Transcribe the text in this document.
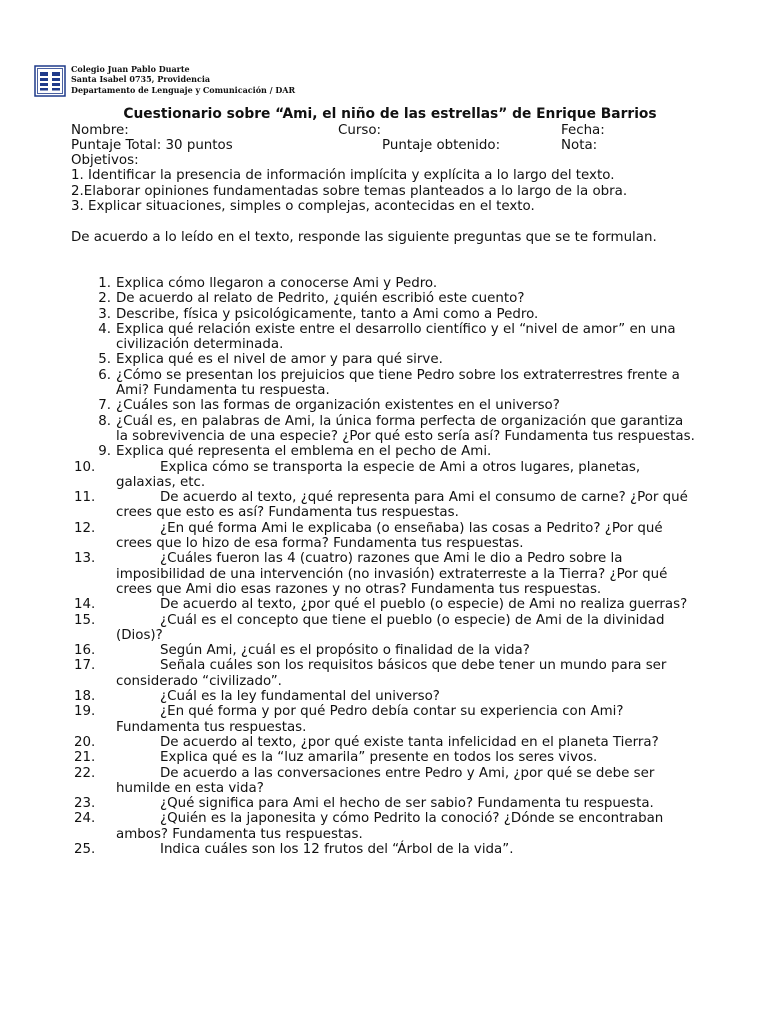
Colegio Juan Pablo Duarte
Santa Isabel 0735, Providencia
Departamento de Lenguaje y Comunicación / DAR
Cuestionario sobre “Ami, el niño de las estrellas” de Enrique Barrios
Nombre:	Curso:	Fecha:
Puntaje Total: 30 puntos	Puntaje obtenido:	Nota:
Objetivos:
1. Identificar la presencia de información implícita y explícita a lo largo del texto.
2.Elaborar opiniones fundamentadas sobre temas planteados a lo largo de la obra.
3. Explicar situaciones, simples o complejas, acontecidas en el texto.
De acuerdo a lo leído en el texto, responde las siguiente preguntas que se te formulan.
1. Explica cómo llegaron a conocerse Ami y Pedro.
2. De acuerdo al relato de Pedrito, ¿quién escribió este cuento?
3. Describe, física y psicológicamente, tanto a Ami como a Pedro.
4. Explica qué relación existe entre el desarrollo científico y el “nivel de amor” en una civilización determinada.
5. Explica qué es el nivel de amor y para qué sirve.
6. ¿Cómo se presentan los prejuicios que tiene Pedro sobre los extraterrestres frente a Ami? Fundamenta tu respuesta.
7. ¿Cuáles son las formas de organización existentes en el universo?
8. ¿Cuál es, en palabras de Ami, la única forma perfecta de organización que garantiza la sobrevivencia de una especie? ¿Por qué esto sería así? Fundamenta tus respuestas.
9. Explica qué representa el emblema en el pecho de Ami.
10.	Explica cómo se transporta la especie de Ami a otros lugares, planetas, galaxias, etc.
11.	De acuerdo al texto, ¿qué representa para Ami el consumo de carne? ¿Por qué crees que esto es así? Fundamenta tus respuestas.
12.	¿En qué forma Ami le explicaba (o enseñaba) las cosas a Pedrito? ¿Por qué crees que lo hizo de esa forma? Fundamenta tus respuestas.
13.	¿Cuáles fueron las 4 (cuatro) razones que Ami le dio a Pedro sobre la imposibilidad de una intervención (no invasión) extraterreste a la Tierra? ¿Por qué crees que Ami dio esas razones y no otras? Fundamenta tus respuestas.
14.	De acuerdo al texto, ¿por qué el pueblo (o especie) de Ami no realiza guerras?
15.	¿Cuál es el concepto que tiene el pueblo (o especie) de Ami de la divinidad (Dios)?
16.	Según Ami, ¿cuál es el propósito o finalidad de la vida?
17.	Señala cuáles son los requisitos básicos que debe tener un mundo para ser considerado “civilizado”.
18.	¿Cuál es la ley fundamental del universo?
19.	¿En qué forma y por qué Pedro debía contar su experiencia con Ami? Fundamenta tus respuestas.
20.	De acuerdo al texto, ¿por qué existe tanta infelicidad en el planeta Tierra?
21.	Explica qué es la “luz amarila” presente en todos los seres vivos.
22.	De acuerdo a las conversaciones entre Pedro y Ami, ¿por qué se debe ser humilde en esta vida?
23.	¿Qué significa para Ami el hecho de ser sabio? Fundamenta tu respuesta.
24.	¿Quién es la japonesita y cómo Pedrito la conoció? ¿Dónde se encontraban ambos? Fundamenta tus respuestas.
25.	Indica cuáles son los 12 frutos del “Árbol de la vida”.
